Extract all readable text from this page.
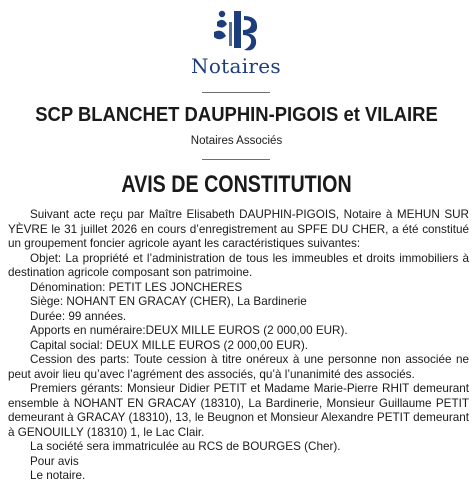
Notaires
SCP BLANCHET DAUPHIN-PIGOIS et VILAIRE
Notaires Associés
AVIS DE CONSTITUTION

Suivant acte reçu par Maître Elisabeth DAUPHIN-PIGOIS, Notaire à MEHUN SUR YÈVRE le 31 juillet 2026 en cours d’enregistrement au SPFE DU CHER, a été constitué un groupement foncier agricole ayant les caractéristiques suivantes:

Objet: La propriété et l’administration de tous les immeubles et droits immobiliers à destination agricole composant son patrimoine.

Dénomination: PETIT LES JONCHERES

Siège: NOHANT EN GRACAY (CHER), La Bardinerie

Durée: 99 années.

Apports en numéraire:DEUX MILLE EUROS (2 000,00 EUR).

Capital social: DEUX MILLE EUROS (2 000,00 EUR).

Cession des parts: Toute cession à titre onéreux à une personne non associée ne peut avoir lieu qu’avec l’agrément des associés, qu’à l’unanimité des associés.

Premiers gérants: Monsieur Didier PETIT et Madame Marie-Pierre RHIT demeurant ensemble à NOHANT EN GRACAY (18310), La Bardinerie, Monsieur Guillaume PETIT demeurant à GRACAY (18310), 13, le Beugnon et Monsieur Alexandre PETIT demeurant à GENOUILLY (18310) 1, le Lac Clair.

La société sera immatriculée au RCS de BOURGES (Cher).

Pour avis

Le notaire.
